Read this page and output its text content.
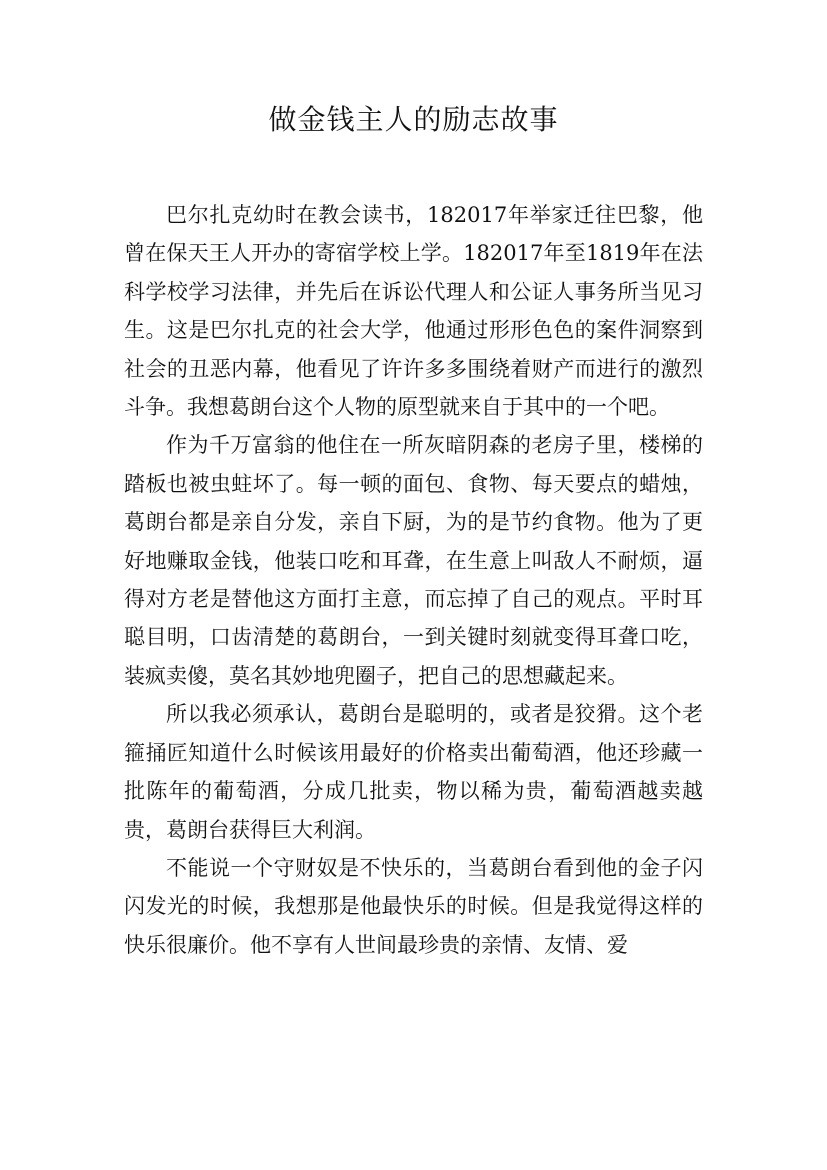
做金钱主人的励志故事

巴尔扎克幼时在教会读书，182017年举家迁往巴黎，他曾在保天王人开办的寄宿学校上学。182017年至1819年在法科学校学习法律，并先后在诉讼代理人和公证人事务所当见习生。这是巴尔扎克的社会大学，他通过形形色色的案件洞察到社会的丑恶内幕，他看见了许许多多围绕着财产而进行的激烈斗争。我想葛朗台这个人物的原型就来自于其中的一个吧。

作为千万富翁的他住在一所灰暗阴森的老房子里，楼梯的踏板也被虫蛀坏了。每一顿的面包、食物、每天要点的蜡烛，葛朗台都是亲自分发，亲自下厨，为的是节约食物。他为了更好地赚取金钱，他装口吃和耳聋，在生意上叫敌人不耐烦，逼得对方老是替他这方面打主意，而忘掉了自己的观点。平时耳聪目明，口齿清楚的葛朗台，一到关键时刻就变得耳聋口吃，装疯卖傻，莫名其妙地兜圈子，把自己的思想藏起来。

所以我必须承认，葛朗台是聪明的，或者是狡猾。这个老箍捅匠知道什么时候该用最好的价格卖出葡萄酒，他还珍藏一批陈年的葡萄酒，分成几批卖，物以稀为贵，葡萄酒越卖越贵，葛朗台获得巨大利润。

不能说一个守财奴是不快乐的，当葛朗台看到他的金子闪闪发光的时候，我想那是他最快乐的时候。但是我觉得这样的快乐很廉价。他不享有人世间最珍贵的亲情、友情、爱
